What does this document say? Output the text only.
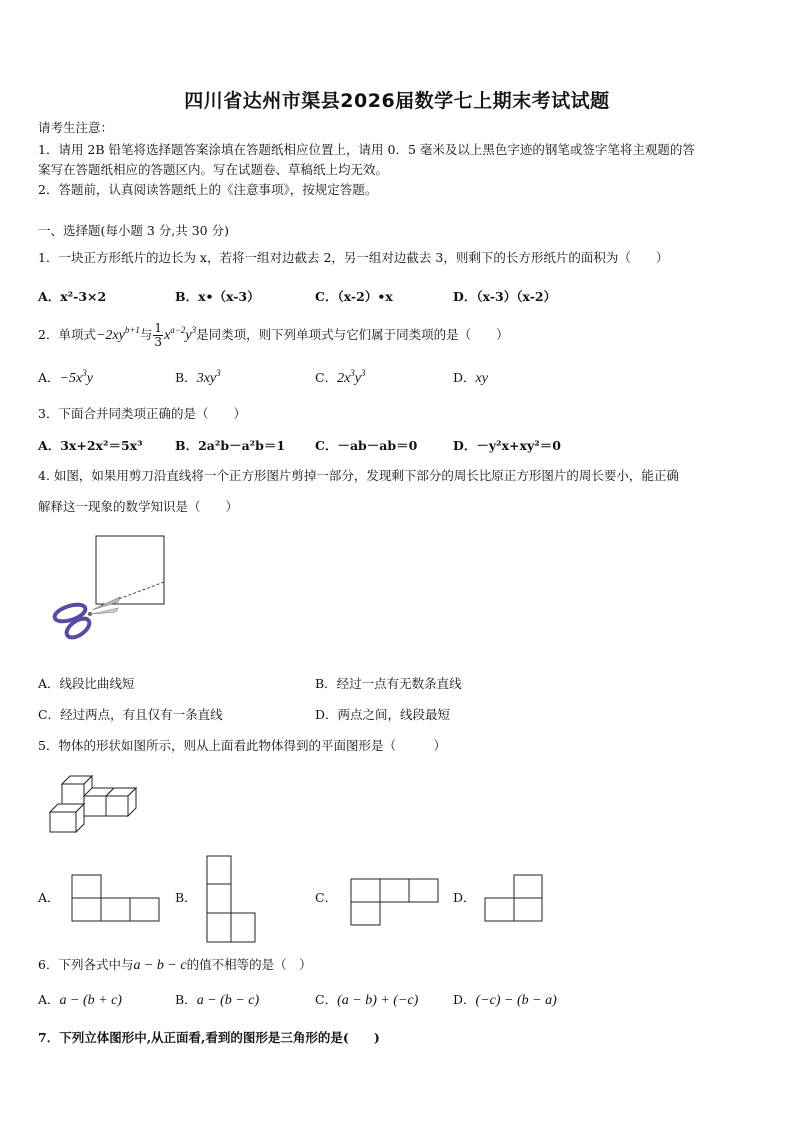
四川省达州市渠县2026届数学七上期末考试试题
请考生注意：
1．请用 2B 铅笔将选择题答案涂填在答题纸相应位置上，请用 0．5 毫米及以上黑色字迹的钢笔或签字笔将主观题的答
案写在答题纸相应的答题区内。写在试题卷、草稿纸上均无效。
2．答题前，认真阅读答题纸上的《注意事项》，按规定答题。
一、选择题(每小题 3 分,共 30 分)
1．一块正方形纸片的边长为 x，若将一组对边截去 2，另一组对边截去 3，则剩下的长方形纸片的面积为（　　）
A．x²-3×2	B．x•（x-3）	C．（x-2）•x	D．（x-3）（x-2）
2．单项式$-2xy^{b+1}$与 $\frac{1}{3} x^{a-2}y^3$是同类项，则下列单项式与它们属于同类项的是（　　）
A．$-5x^3y$	B．$3xy^3$	C．$2x^3y^3$	D．xy
3．下面合并同类项正确的是（　　）
A．3x+2x²＝5x³	B．2a²b－a²b＝1 C．－ab－ab＝0	D．－y²x+xy²＝0
4. 如图，如果用剪刀沿直线将一个正方形图片剪掉一部分，发现剩下部分的周长比原正方形图片的周长要小，能正确
解释这一现象的数学知识是（　　）
A．线段比曲线短	B．经过一点有无数条直线
C．经过两点，有且仅有一条直线	D．两点之间，线段最短
5．物体的形状如图所示，则从上面看此物体得到的平面图形是（　　　）
A．	B．	C．	D．
6．下列各式中与a − b − c的值不相等的是（　）
A．a − (b + c)	B．a − (b − c)	C．(a − b) + (−c)	D．(−c) − (b − a)
7．下列立体图形中,从正面看,看到的图形是三角形的是(　　)
